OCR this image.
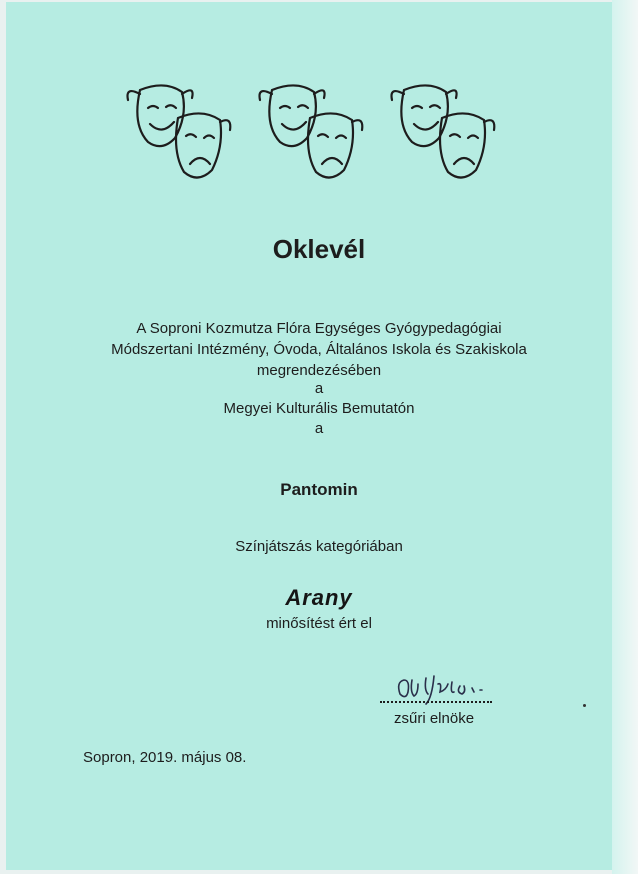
Oklevél
A Soproni Kozmutza Flóra Egységes Gyógypedagógiai
Módszertani Intézmény, Óvoda, Általános Iskola és Szakiskola
megrendezésében
a
Megyei Kulturális Bemutatón
a
Pantomin
Színjátszás kategóriában
Arany
minősítést ért el
zsűri elnöke
Sopron, 2019. május 08.
